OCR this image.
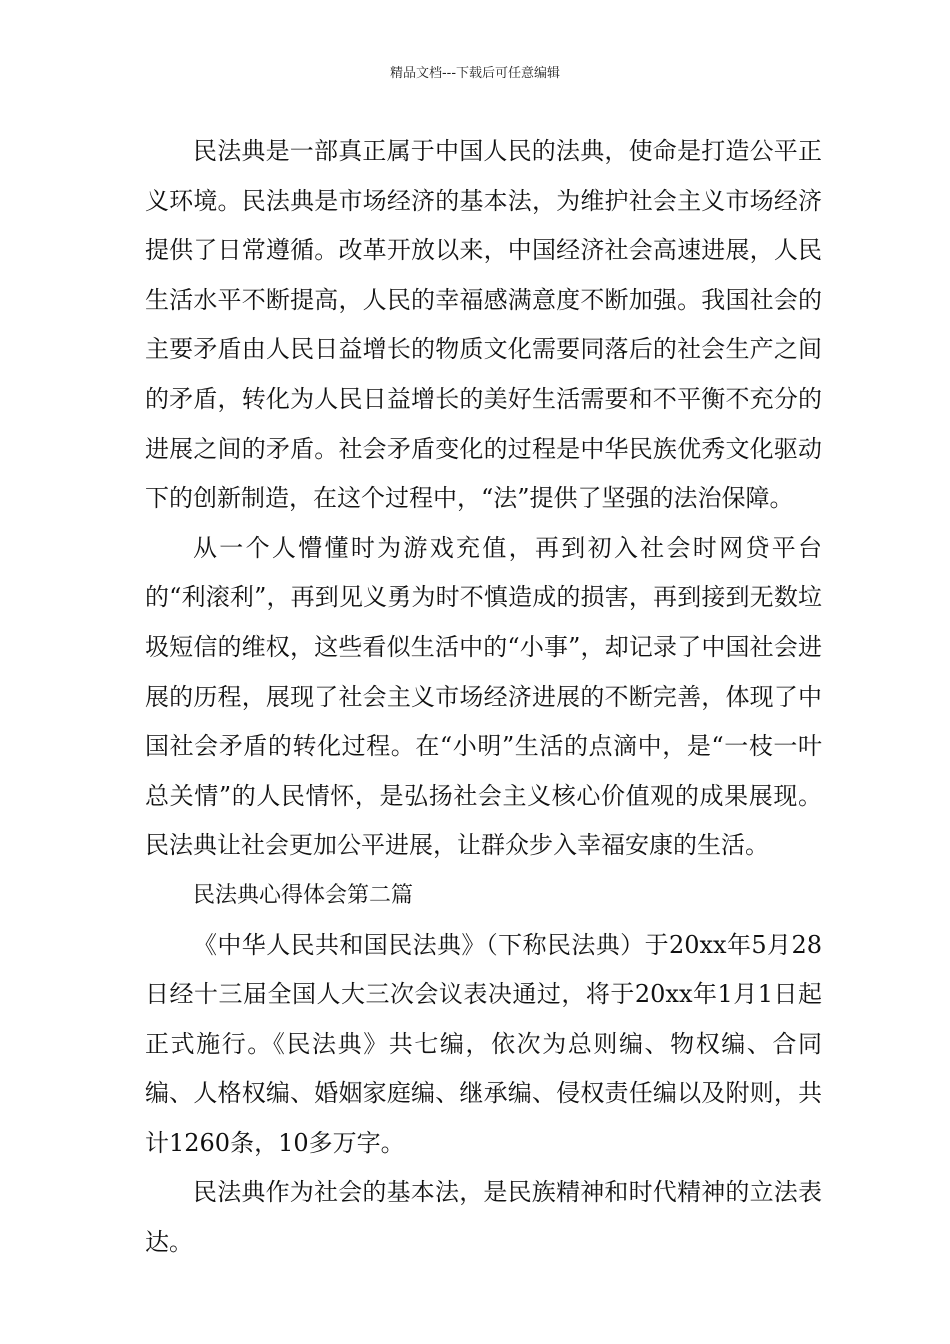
精品文档---下载后可任意编辑

民法典是一部真正属于中国人民的法典，使命是打造公平正义环境。民法典是市场经济的基本法，为维护社会主义市场经济提供了日常遵循。改革开放以来，中国经济社会高速进展，人民生活水平不断提高，人民的幸福感满意度不断加强。我国社会的主要矛盾由人民日益增长的物质文化需要同落后的社会生产之间的矛盾，转化为人民日益增长的美好生活需要和不平衡不充分的进展之间的矛盾。社会矛盾变化的过程是中华民族优秀文化驱动下的创新制造，在这个过程中，“法”提供了坚强的法治保障。

从一个人懵懂时为游戏充值，再到初入社会时网贷平台的“利滚利”，再到见义勇为时不慎造成的损害，再到接到无数垃圾短信的维权，这些看似生活中的“小事”，却记录了中国社会进展的历程，展现了社会主义市场经济进展的不断完善，体现了中国社会矛盾的转化过程。在“小明”生活的点滴中，是“一枝一叶总关情”的人民情怀，是弘扬社会主义核心价值观的成果展现。民法典让社会更加公平进展，让群众步入幸福安康的生活。

民法典心得体会第二篇

《中华人民共和国民法典》（下称民法典）于20xx年5月28日经十三届全国人大三次会议表决通过，将于20xx年1月1日起正式施行。《民法典》共七编，依次为总则编、物权编、合同编、人格权编、婚姻家庭编、继承编、侵权责任编以及附则，共计1260条，10多万字。

民法典作为社会的基本法，是民族精神和时代精神的立法表达。
